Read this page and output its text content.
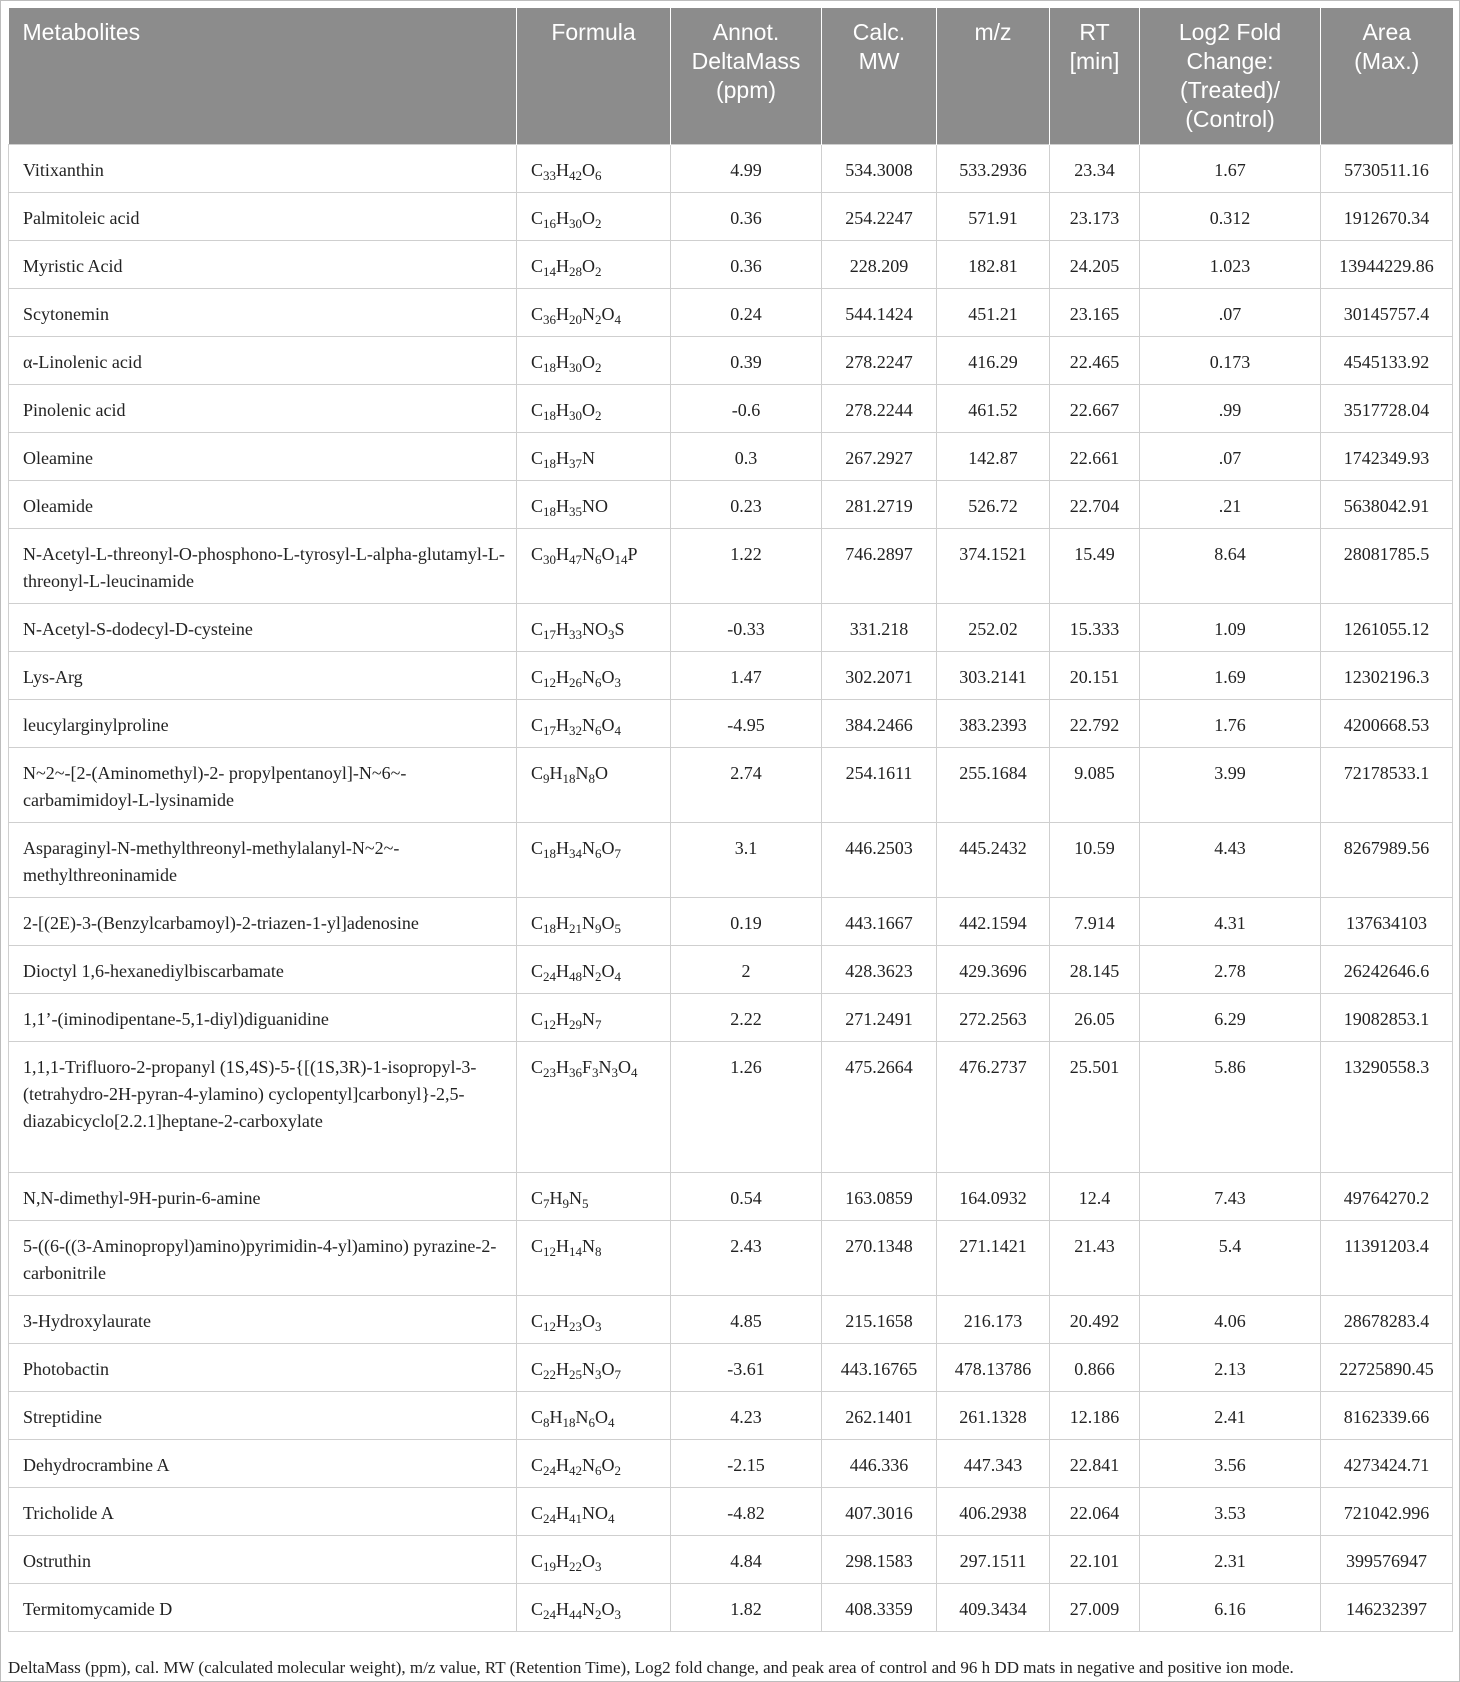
Metabolites	Formula	Annot. DeltaMass (ppm)	Calc. MW	m/z	RT [min]	Log2 Fold Change: (Treated)/ (Control)	Area (Max.)
Vitixanthin	$C_{33}H_{42}O_6$	4.99	534.3008	533.2936	23.34	1.67	5730511.16
Palmitoleic acid	$C_{16}H_{30}O_2$	0.36	254.2247	571.91	23.173	0.312	1912670.34
Myristic Acid	$C_{14}H_{28}O_2$	0.36	228.209	182.81	24.205	1.023	13944229.86
Scytonemin	$C_{36}H_{20}N_2O_4$	0.24	544.1424	451.21	23.165	.07	30145757.4
α-Linolenic acid	$C_{18}H_{30}O_2$	0.39	278.2247	416.29	22.465	0.173	4545133.92
Pinolenic acid	$C_{18}H_{30}O_2$	-0.6	278.2244	461.52	22.667	.99	3517728.04
Oleamine	$C_{18}H_{37}N$	0.3	267.2927	142.87	22.661	.07	1742349.93
Oleamide	$C_{18}H_{35}NO$	0.23	281.2719	526.72	22.704	.21	5638042.91
N-Acetyl-L-threonyl-O-phosphono-L-tyrosyl-L-alpha-glutamyl-L-threonyl-L-leucinamide	$C_{30}H_{47}N_6O_{14}P$	1.22	746.2897	374.1521	15.49	8.64	28081785.5
N-Acetyl-S-dodecyl-D-cysteine	$C_{17}H_{33}NO_3S$	-0.33	331.218	252.02	15.333	1.09	1261055.12
Lys-Arg	$C_{12}H_{26}N_6O_3$	1.47	302.2071	303.2141	20.151	1.69	12302196.3
leucylarginylproline	$C_{17}H_{32}N_6O_4$	-4.95	384.2466	383.2393	22.792	1.76	4200668.53
N~2~-[2-(Aminomethyl)-2- propylpentanoyl]-N~6~-carbamimidoyl-L-lysinamide	$C_9H_{18}N_8O$	2.74	254.1611	255.1684	9.085	3.99	72178533.1
Asparaginyl-N-methylthreonyl-methylalanyl-N~2~-methylthreoninamide	$C_{18}H_{34}N_6O_7$	3.1	446.2503	445.2432	10.59	4.43	8267989.56
2-[(2E)-3-(Benzylcarbamoyl)-2-triazen-1-yl]adenosine	$C_{18}H_{21}N_9O_5$	0.19	443.1667	442.1594	7.914	4.31	137634103
Dioctyl 1,6-hexanediylbiscarbamate	$C_{24}H_{48}N_2O_4$	2	428.3623	429.3696	28.145	2.78	26242646.6
1,1’-(iminodipentane-5,1-diyl)diguanidine	$C_{12}H_{29}N_7$	2.22	271.2491	272.2563	26.05	6.29	19082853.1
1,1,1-Trifluoro-2-propanyl (1S,4S)-5-{[(1S,3R)-1-isopropyl-3-(tetrahydro-2H-pyran-4-ylamino) cyclopentyl]carbonyl}-2,5-diazabicyclo[2.2.1]heptane-2-carboxylate	$C_{23}H_{36}F_3N_3O_4$	1.26	475.2664	476.2737	25.501	5.86	13290558.3
N,N-dimethyl-9H-purin-6-amine	$C_7H_9N_5$	0.54	163.0859	164.0932	12.4	7.43	49764270.2
5-((6-((3-Aminopropyl)amino)pyrimidin-4-yl)amino) pyrazine-2-carbonitrile	$C_{12}H_{14}N_8$	2.43	270.1348	271.1421	21.43	5.4	11391203.4
3-Hydroxylaurate	$C_{12}H_{23}O_3$	4.85	215.1658	216.173	20.492	4.06	28678283.4
Photobactin	$C_{22}H_{25}N_3O_7$	-3.61	443.16765	478.13786	0.866	2.13	22725890.45
Streptidine	$C_8H_{18}N_6O_4$	4.23	262.1401	261.1328	12.186	2.41	8162339.66
Dehydrocrambine A	$C_{24}H_{42}N_6O_2$	-2.15	446.336	447.343	22.841	3.56	4273424.71
Tricholide A	$C_{24}H_{41}NO_4$	-4.82	407.3016	406.2938	22.064	3.53	721042.996
Ostruthin	$C_{19}H_{22}O_3$	4.84	298.1583	297.1511	22.101	2.31	399576947
Termitomycamide D	$C_{24}H_{44}N_2O_3$	1.82	408.3359	409.3434	27.009	6.16	146232397
DeltaMass (ppm), cal. MW (calculated molecular weight), m/z value, RT (Retention Time), Log2 fold change, and peak area of control and 96 h DD mats in negative and positive ion mode.
